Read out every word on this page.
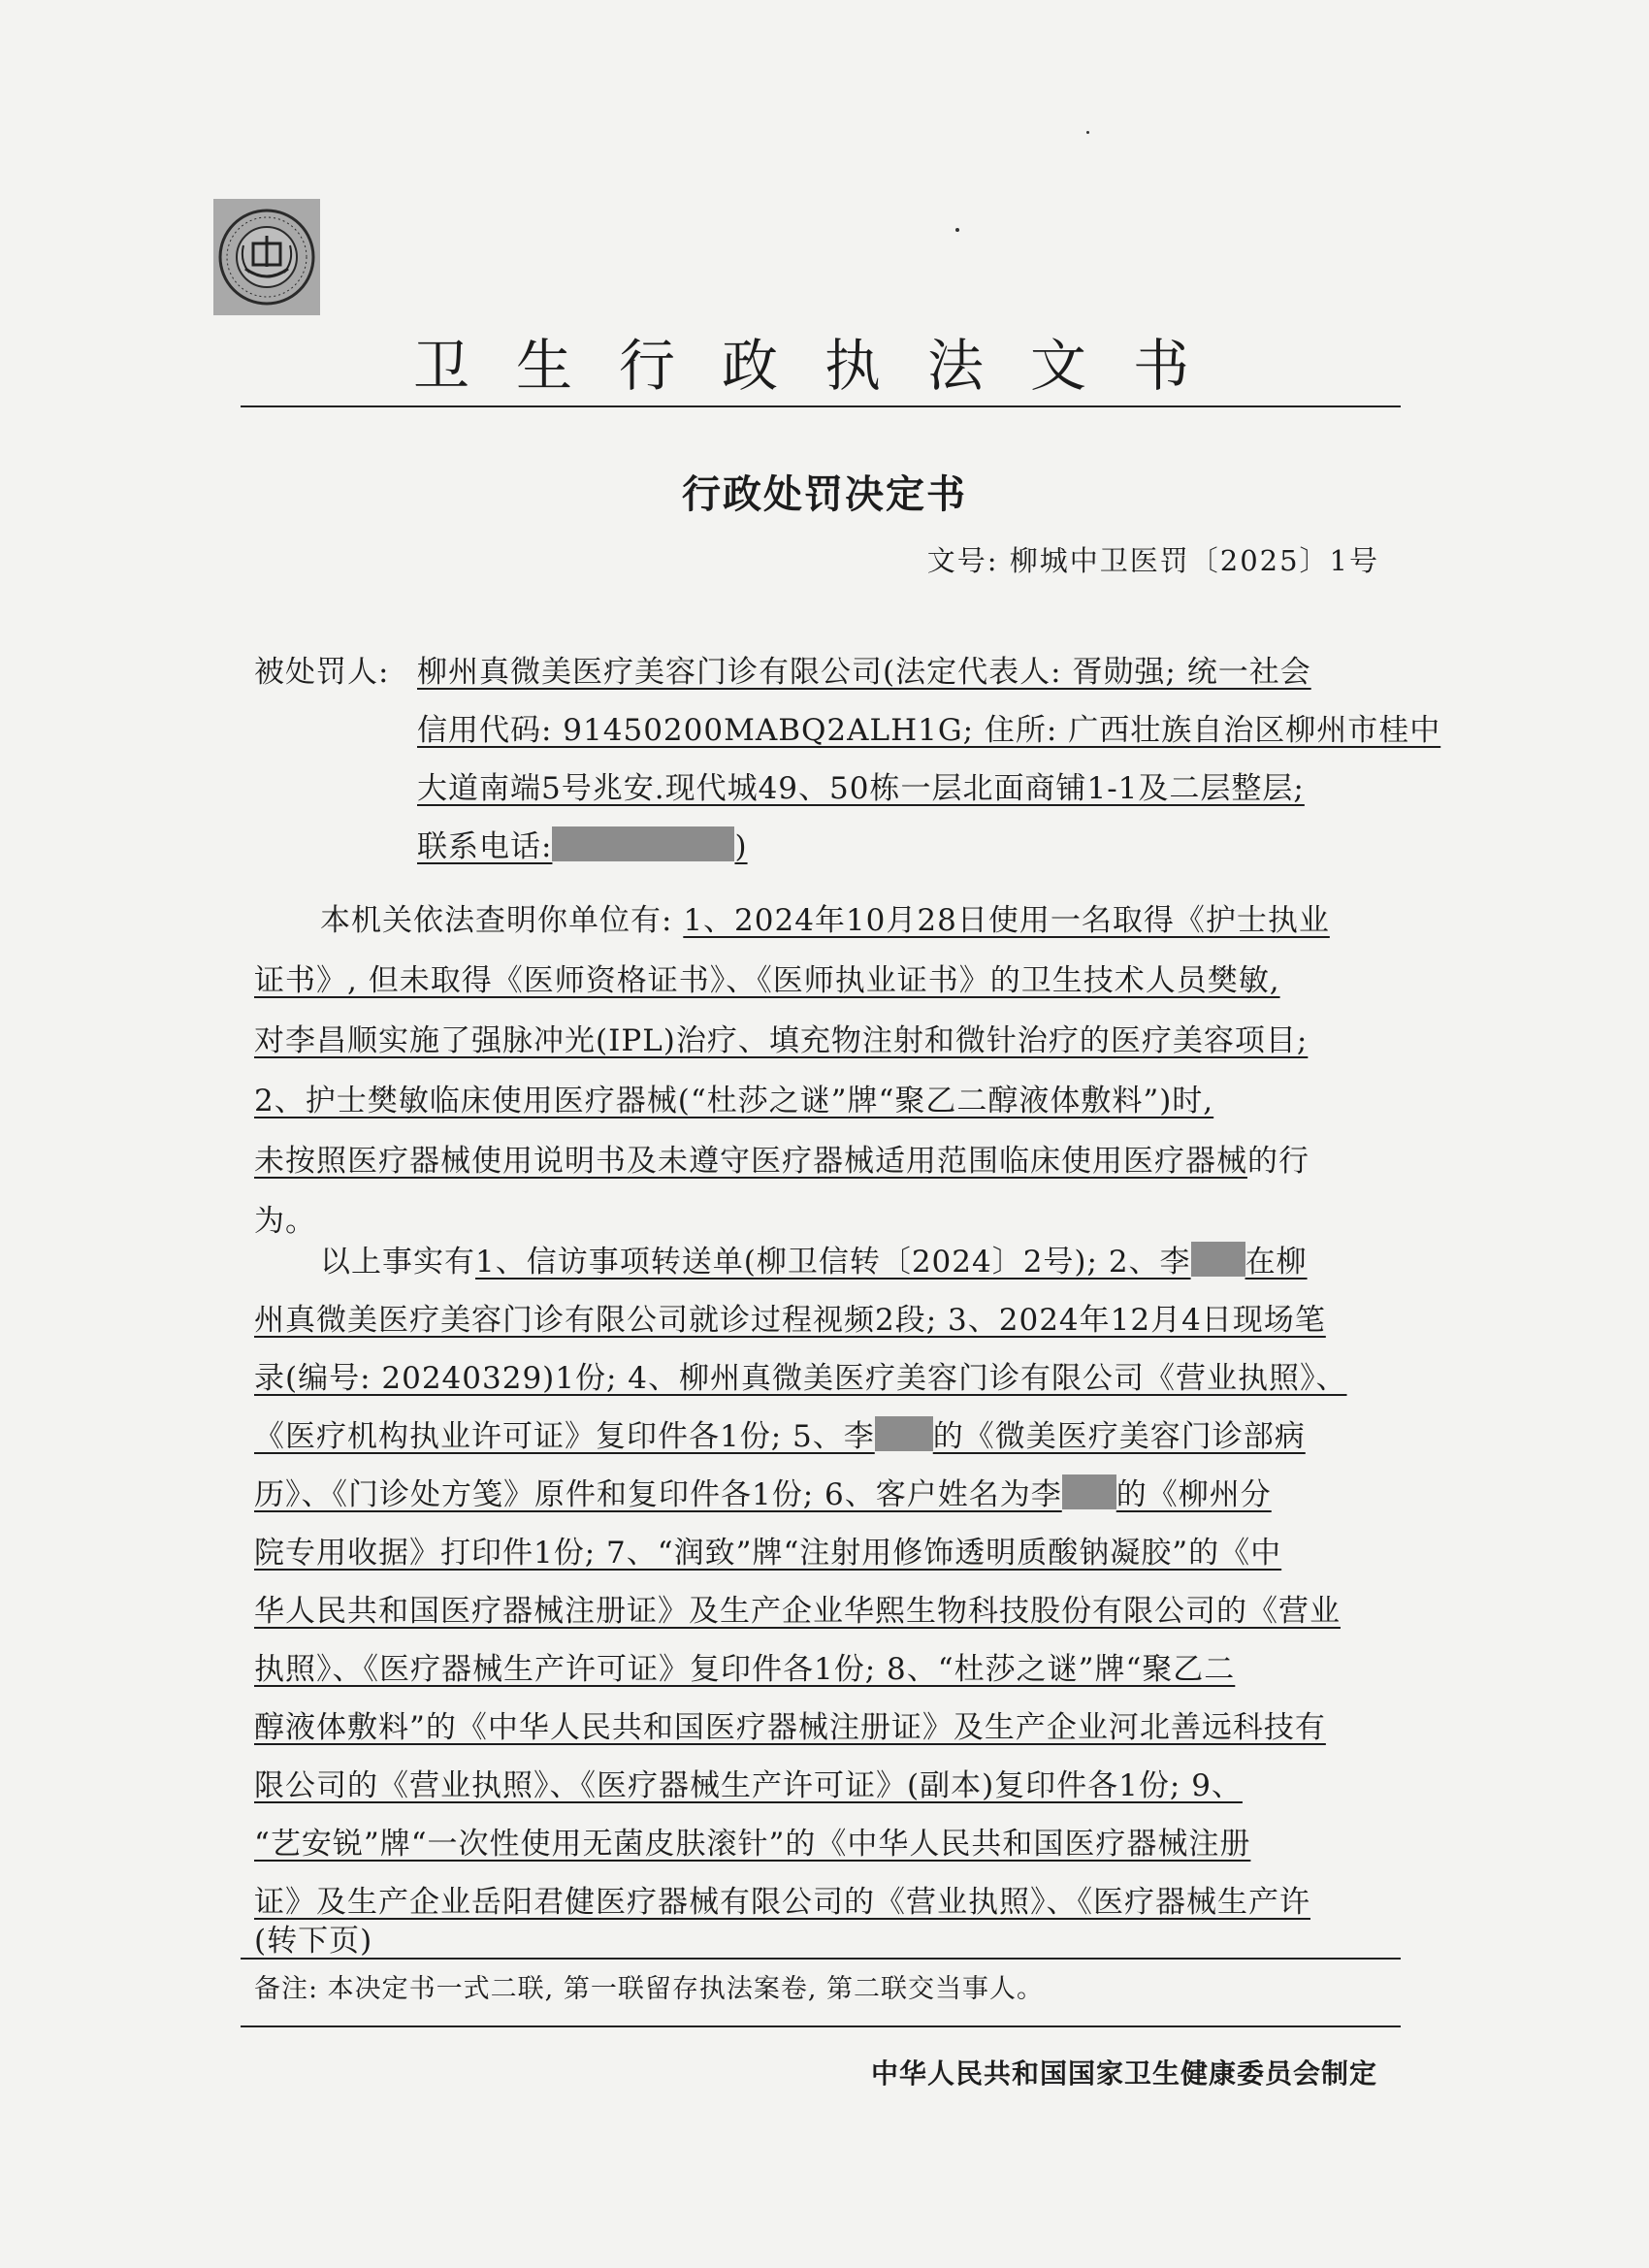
卫生行政执法文书
行政处罚决定书
文号: 柳城中卫医罚〔2025〕1号
被处罚人: 柳州真微美医疗美容门诊有限公司(法定代表人: 胥勋强; 统一社会
信用代码: 91450200MABQ2ALH1G; 住所: 广西壮族自治区柳州市桂中
大道南端5号兆安.现代城49、50栋一层北面商铺1-1及二层整层;
联系电话:	)
本机关依法查明你单位有: 1、2024年10月28日使用一名取得《护士执业
证书》, 但未取得《医师资格证书》、《医师执业证书》的卫生技术人员樊敏,
对李昌顺实施了强脉冲光(IPL)治疗、填充物注射和微针治疗的医疗美容项目;
2、护士樊敏临床使用医疗器械(“杜莎之谜”牌“聚乙二醇液体敷料”)时,
未按照医疗器械使用说明书及未遵守医疗器械适用范围临床使用医疗器械的行
为。
以上事实有1、信访事项转送单(柳卫信转〔2024〕2号); 2、李 在柳
州真微美医疗美容门诊有限公司就诊过程视频2段; 3、2024年12月4日现场笔
录(编号: 20240329)1份; 4、柳州真微美医疗美容门诊有限公司《营业执照》、
《医疗机构执业许可证》复印件各1份; 5、李 的《微美医疗美容门诊部病
历》、《门诊处方笺》原件和复印件各1份; 6、客户姓名为李 的《柳州分
院专用收据》打印件1份; 7、“润致”牌“注射用修饰透明质酸钠凝胶”的《中
华人民共和国医疗器械注册证》及生产企业华熙生物科技股份有限公司的《营业
执照》、《医疗器械生产许可证》复印件各1份; 8、“杜莎之谜”牌“聚乙二
醇液体敷料”的《中华人民共和国医疗器械注册证》及生产企业河北善远科技有
限公司的《营业执照》、《医疗器械生产许可证》(副本)复印件各1份; 9、
“艺安锐”牌“一次性使用无菌皮肤滚针”的《中华人民共和国医疗器械注册
证》及生产企业岳阳君健医疗器械有限公司的《营业执照》、《医疗器械生产许
(转下页)
备注: 本决定书一式二联, 第一联留存执法案卷, 第二联交当事人。
中华人民共和国国家卫生健康委员会制定
